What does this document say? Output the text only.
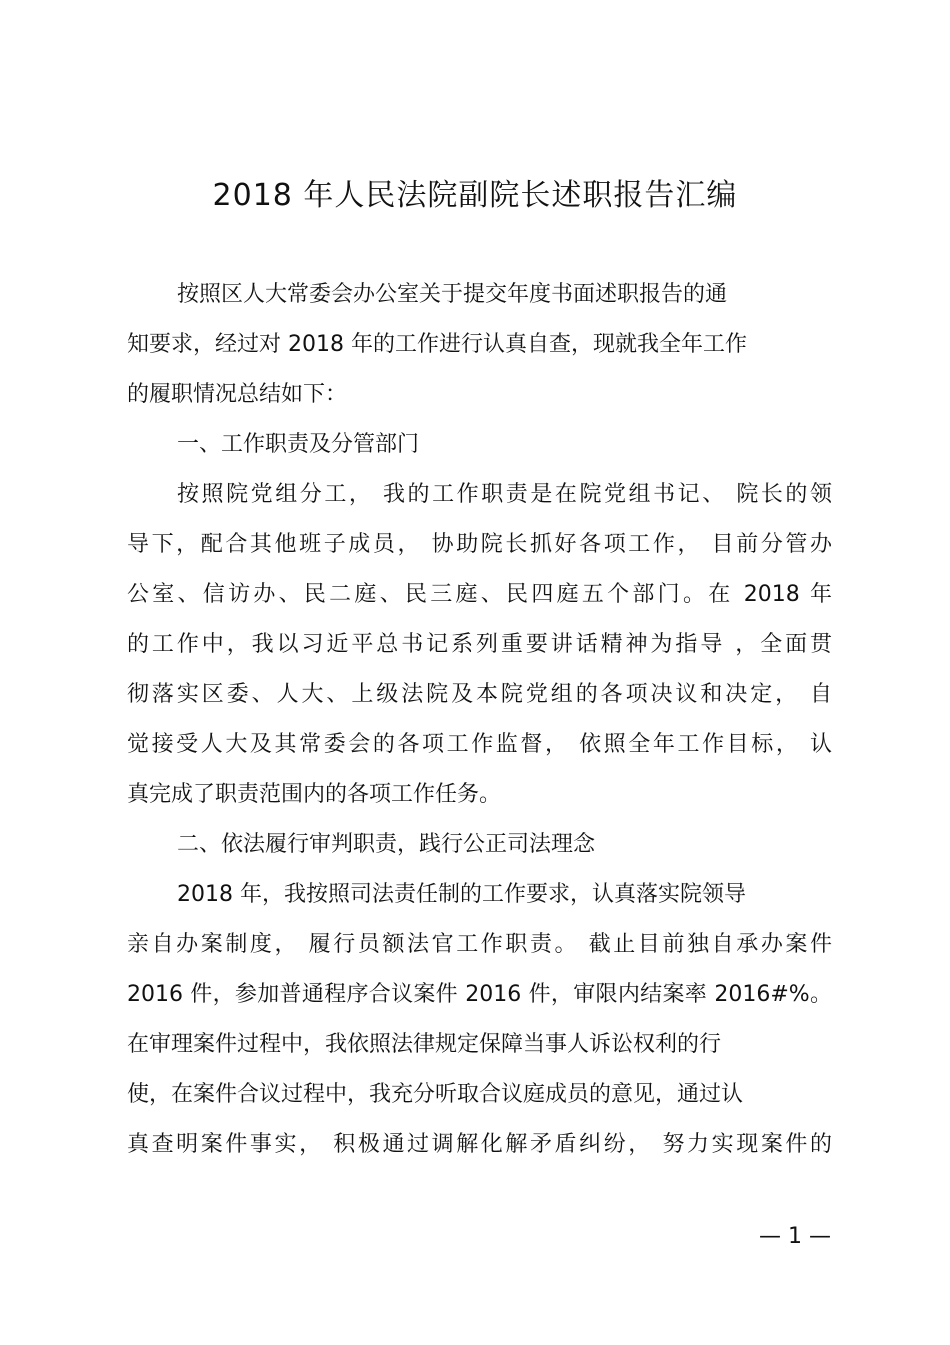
2018 年人民法院副院长述职报告汇编
按照区人大常委会办公室关于提交年度书面述职报告的通
知要求，经过对 2018 年的工作进行认真自查，现就我全年工作
的履职情况总结如下：
一、工作职责及分管部门
按照院党组分工， 我的工作职责是在院党组书记、 院长的领
导下，配合其他班子成员， 协助院长抓好各项工作， 目前分管办
公室、信访办、民二庭、民三庭、民四庭五个部门。在 2018 年
的工作中，我以习近平总书记系列重要讲话精神为指导 ，全面贯
彻落实区委、人大、上级法院及本院党组的各项决议和决定， 自
觉接受人大及其常委会的各项工作监督， 依照全年工作目标， 认
真完成了职责范围内的各项工作任务。
二、依法履行审判职责，践行公正司法理念
2018 年，我按照司法责任制的工作要求，认真落实院领导
亲自办案制度， 履行员额法官工作职责。 截止目前独自承办案件
2016 件，参加普通程序合议案件 2016 件，审限内结案率 2016#%。
在审理案件过程中，我依照法律规定保障当事人诉讼权利的行
使，在案件合议过程中，我充分听取合议庭成员的意见，通过认
真查明案件事实， 积极通过调解化解矛盾纠纷， 努力实现案件的
— 1 —
